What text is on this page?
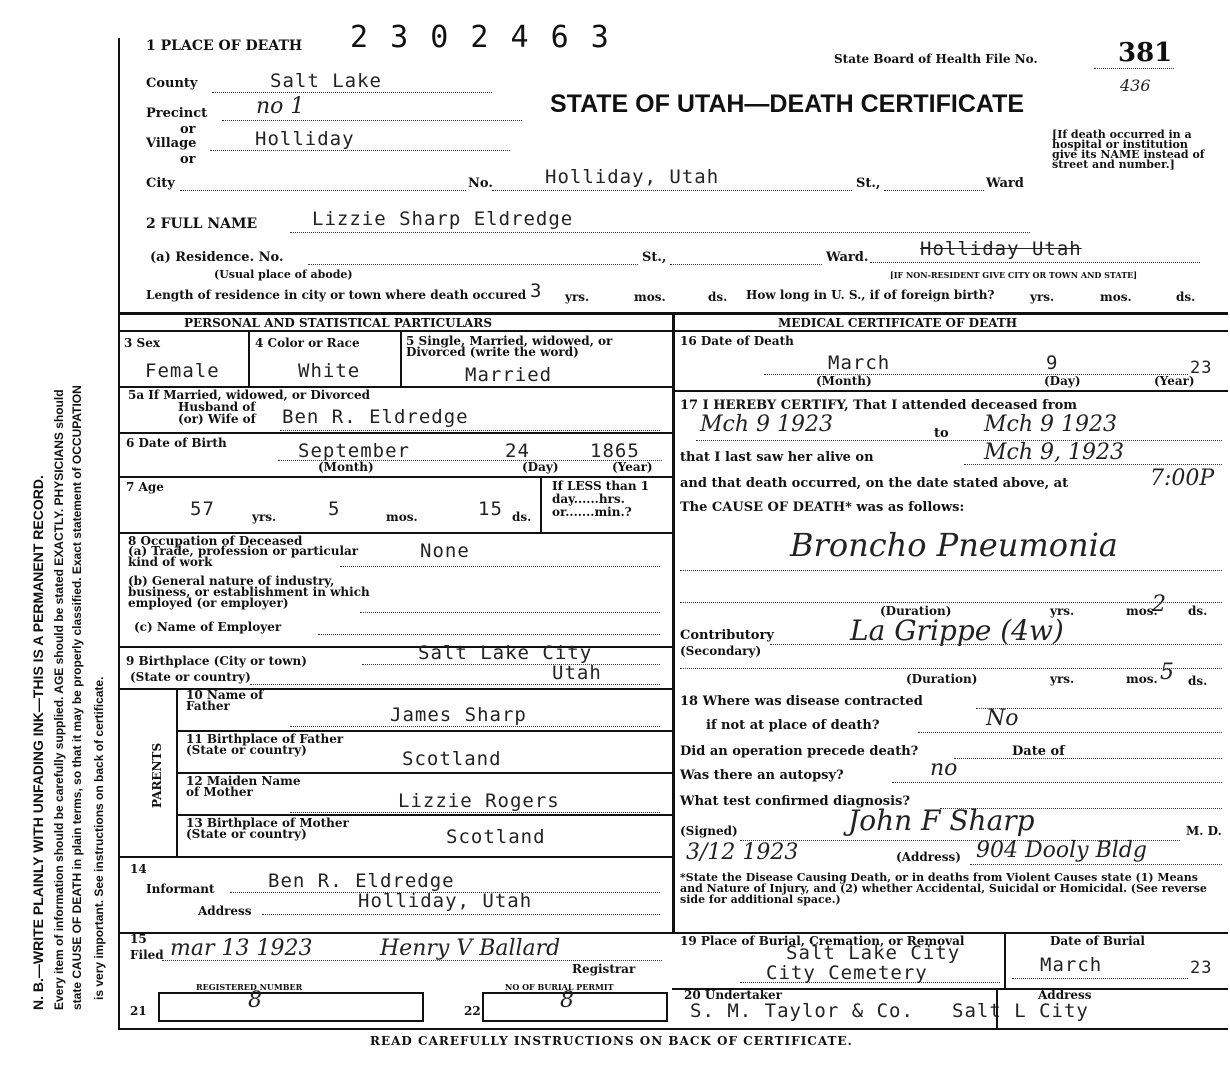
N. B.—WRITE PLAINLY WITH UNFADING INK—THIS IS A PERMANENT RECORD. Every item of information should be carefully supplied. AGE should be stated EXACTLY. PHYSICIANS should state CAUSE OF DEATH in plain terms, so that it may be properly classified. Exact statement of OCCUPATION is very important. See instructions on back of certificate.
1 PLACE OF DEATH 2 3 0 2 4 6 3
State Board of Health File No.	381
436
STATE OF UTAH—DEATH CERTIFICATE
County	Salt Lake
Precinct no 1
or
Village	Holliday
or
City	No.	Holliday, Utah	St.,	Ward
[If death occurred in a hospital or institution give its NAME instead of street and number.]
2 FULL NAME	Lizzie Sharp Eldredge
(a) Residence. No.	St.,	Ward.	Holliday Utah
(Usual place of abode)	[IF NON-RESIDENT GIVE CITY OR TOWN AND STATE]
Length of residence in city or town where death occured 3 yrs.	mos.	ds. How long in U. S., if of foreign birth?	yrs.	mos.	ds.
PERSONAL AND STATISTICAL PARTICULARS	MEDICAL CERTIFICATE OF DEATH
3 Sex
Female
4 Color or Race
White
5 Single, Married, widowed, or Divorced (write the word)
Married
5a If Married, widowed, or Divorced
Husband of
(or) Wife of Ben R. Eldredge
6 Date of Birth	September	24	1865
(Month)	(Day)	(Year)
7 Age
57	yrs.	5	mos.	15 ds.
If LESS than 1 day......hrs. or.......min.?
8 Occupation of Deceased
(a) Trade, profession or particular kind of work	None
(b) General nature of industry, business, or establishment in which employed (or employer)
(c) Name of Employer
9 Birthplace (City or town)	Salt Lake City
(State or country)	Utah
PARENTS
10 Name of Father	James Sharp
11 Birthplace of Father (State or country)	Scotland
12 Maiden Name of Mother	Lizzie Rogers
13 Birthplace of Mother (State or country)	Scotland
14
Informant	Ben R. Eldredge
Address	Holliday, Utah
15
Filed mar 13 1923	Henry V Ballard
Registrar
REGISTERED NUMBER
21	8
NO OF BURIAL PERMIT
22	8
16 Date of Death
March	9	23
(Month)	(Day)	(Year)
17 I HEREBY CERTIFY, That I attended deceased from
Mch 9 1923	to Mch 9 1923
that I last saw her alive on	Mch 9, 1923
and that death occurred, on the date stated above, at	7:00P
The CAUSE OF DEATH* was as follows:
Broncho Pneumonia
(Duration)	yrs.	mos.
2 ds.
Contributory
(Secondary)
La Grippe (4w)
(Duration)	yrs.	mos. 5 ds.
18 Where was disease contracted
if not at place of death?	No
Did an operation precede death?	Date of
Was there an autopsy?	no
What test confirmed diagnosis?
(Signed)	John F Sharp	M. D.
3/12 1923	(Address) 904 Dooly Bldg
*State the Disease Causing Death, or in deaths from Violent Causes state (1) Means and Nature of Injury, and (2) whether Accidental, Suicidal or Homicidal. (See reverse side for additional space.)
19 Place of Burial, Cremation, or Removal
Salt Lake City
City Cemetery
Date of Burial
March	23
20 Undertaker
S. M. Taylor & Co.
Address
Salt L City
READ CAREFULLY INSTRUCTIONS ON BACK OF CERTIFICATE.
